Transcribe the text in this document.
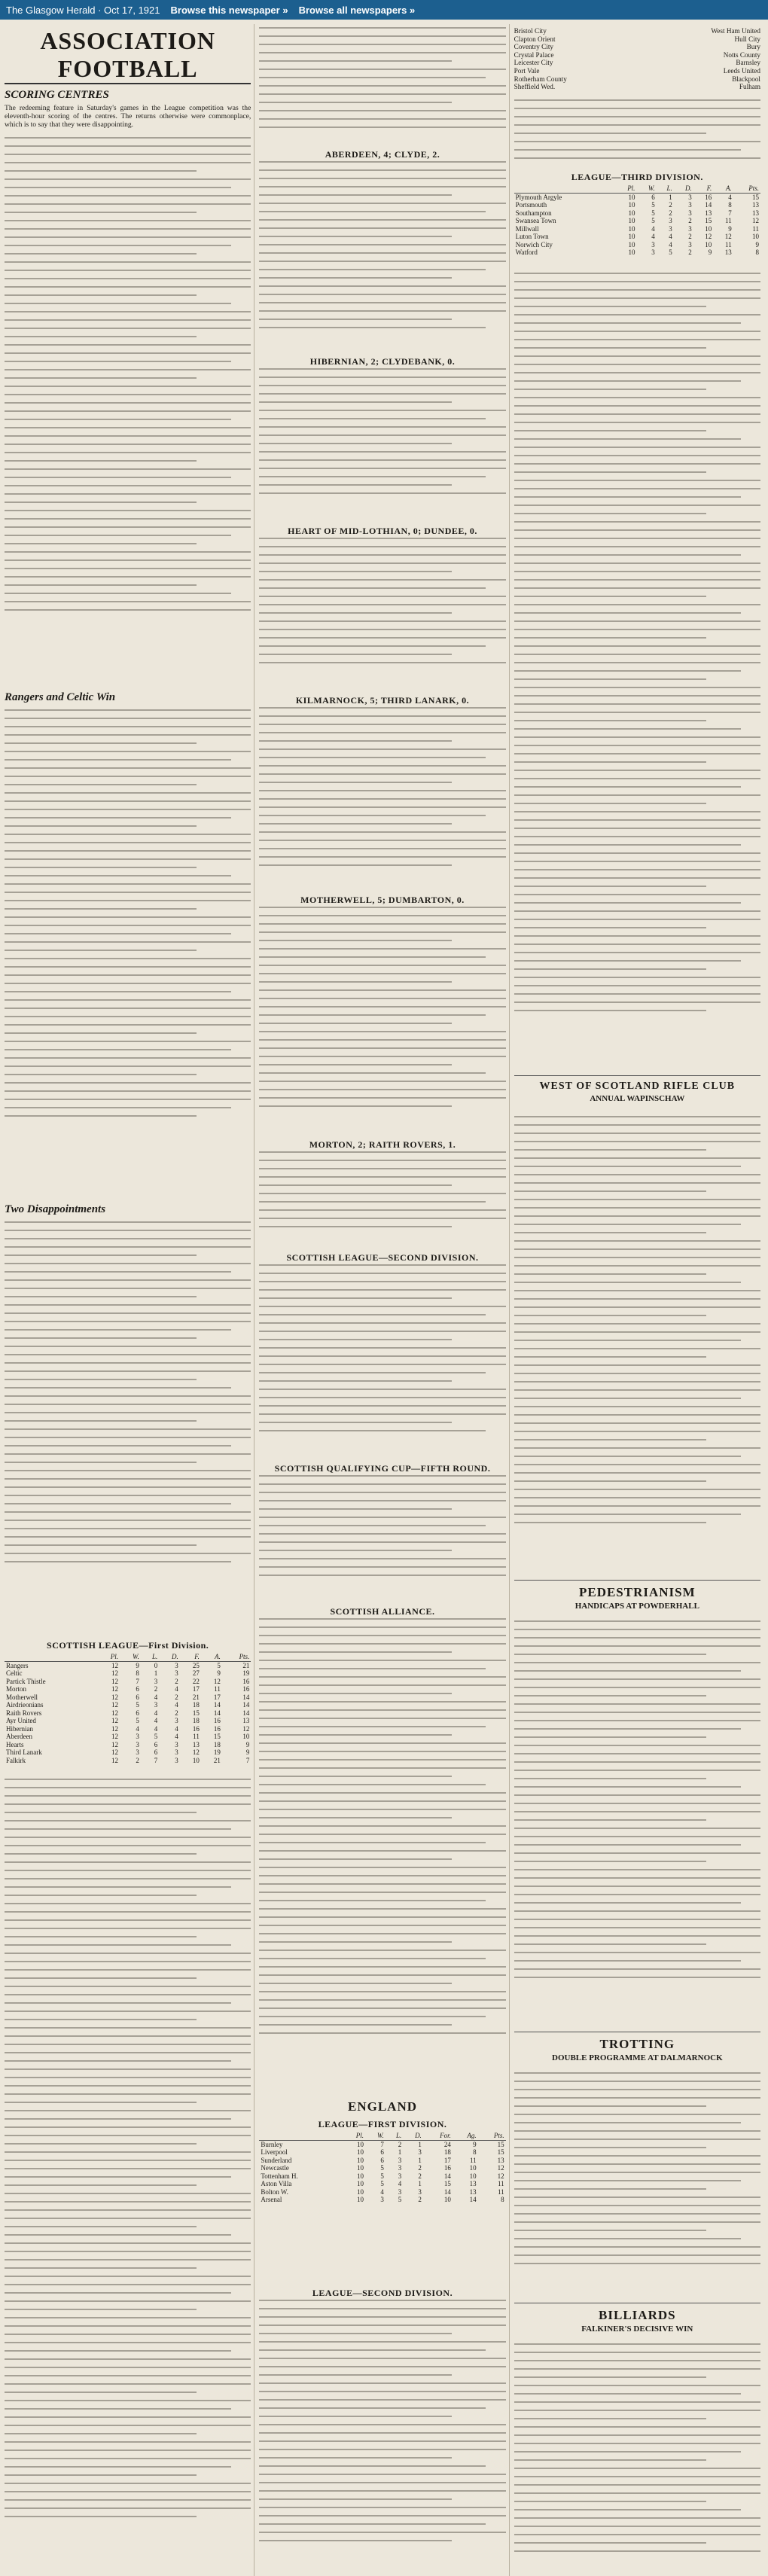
The Glasgow Herald · Oct 17, 1921 Browse this newspaper » Browse all newspapers »
ASSOCIATION FOOTBALL
SCORING CENTRES

The redeeming feature in Saturday's games in the League competition was the eleventh-hour scoring of the centres. The returns otherwise were commonplace, which is to say that they were disappointing.

Rangers and Celtic Win
Two Disappointments
SCOTTISH LEAGUE—First Division.
	Pl.	W.	L.	D.	F.	A.	Pts.
Rangers	12	9	0	3	25	5	21
Celtic	12	8	1	3	27	9	19
Partick Thistle	12	7	3	2	22	12	16
Morton	12	6	2	4	17	11	16
Motherwell	12	6	4	2	21	17	14
Airdrieonians	12	5	3	4	18	14	14
Raith Rovers	12	6	4	2	15	14	14
Ayr United	12	5	4	3	18	16	13
Hibernian	12	4	4	4	16	16	12
Aberdeen	12	3	5	4	11	15	10
Hearts	12	3	6	3	13	18	9
Third Lanark	12	3	6	3	12	19	9
Falkirk	12	2	7	3	10	21	7
ABERDEEN, 4; CLYDE, 2.
HIBERNIAN, 2; CLYDEBANK, 0.
HEART OF MID-LOTHIAN, 0; DUNDEE, 0.
KILMARNOCK, 5; THIRD LANARK, 0.
MOTHERWELL, 5; DUMBARTON, 0.
MORTON, 2; RAITH ROVERS, 1.
SCOTTISH LEAGUE—SECOND DIVISION.
SCOTTISH QUALIFYING CUP—FIFTH ROUND.
SCOTTISH ALLIANCE.
ENGLAND
LEAGUE—FIRST DIVISION.
	Pl.	W.	L.	D.	For.	Ag.	Pts.
Burnley	10	7	2	1	24	9	15
Liverpool	10	6	1	3	18	8	15
Sunderland	10	6	3	1	17	11	13
Newcastle	10	5	3	2	16	10	12
Tottenham H.	10	5	3	2	14	10	12
Aston Villa	10	5	4	1	15	13	11
Bolton W.	10	4	3	3	14	13	11
Arsenal	10	3	5	2	10	14	8
LEAGUE—SECOND DIVISION.
Bristol City	West Ham United
Clapton Orient	Hull City
Coventry City	Bury
Crystal Palace	Notts County
Leicester City	Barnsley
Port Vale	Leeds United
Rotherham County	Blackpool
Sheffield Wed.	Fulham
LEAGUE—THIRD DIVISION.
	Pl.	W.	L.	D.	F.	A.	Pts.
Plymouth Argyle	10	6	1	3	16	4	15
Portsmouth	10	5	2	3	14	8	13
Southampton	10	5	2	3	13	7	13
Swansea Town	10	5	3	2	15	11	12
Millwall	10	4	3	3	10	9	11
Luton Town	10	4	4	2	12	12	10
Norwich City	10	3	4	3	10	11	9
Watford	10	3	5	2	9	13	8
WEST OF SCOTLAND RIFLE CLUB
ANNUAL WAPINSCHAW
PEDESTRIANISM
HANDICAPS AT POWDERHALL
TROTTING
DOUBLE PROGRAMME AT DALMARNOCK
BILLIARDS
FALKINER'S DECISIVE WIN
